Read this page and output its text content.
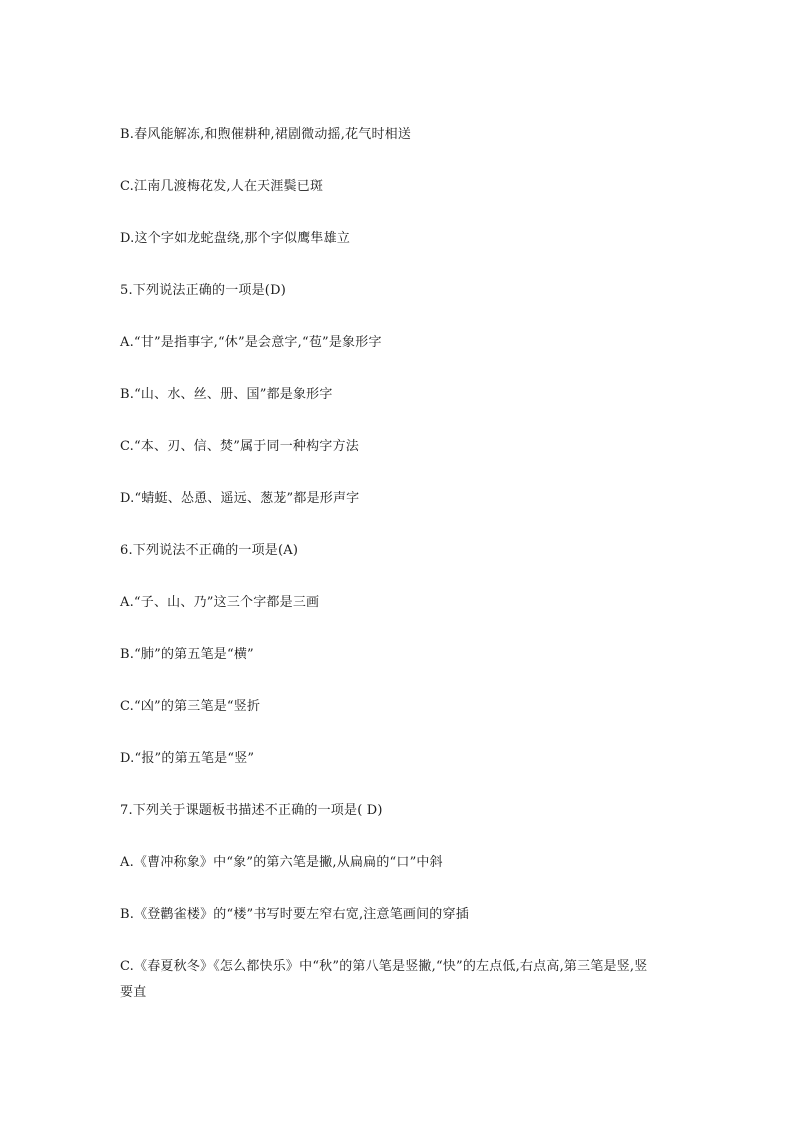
B.春风能解冻,和煦催耕种,裙剧微动摇,花气时相送
C.江南几渡梅花发,人在天涯鬓已斑
D.这个字如龙蛇盘绕,那个字似鹰隼雄立
5.下列说法正确的一项是(D)
A.“甘”是指事字,“休”是会意字,“苞”是象形字
B.“山、水、丝、册、国”都是象形字
C.“本、刃、信、焚”属于同一种构字方法
D.“蜻蜓、怂恿、遥远、葱茏”都是形声字
6.下列说法不正确的一项是(A)
A.“子、山、乃”这三个字都是三画
B.“肺”的第五笔是“横”
C.“凶”的第三笔是“竖折
D.“报”的第五笔是“竖”
7.下列关于课题板书描述不正确的一项是( D)
A.《曹冲称象》中“象”的第六笔是撇,从扁扁的“口”中斜
B.《登鹳雀楼》的“楼”书写时要左窄右宽,注意笔画间的穿插
C.《春夏秋冬》《怎么都快乐》中“秋”的第八笔是竖撇,“快”的左点低,右点高,第三笔是竖,竖要直
